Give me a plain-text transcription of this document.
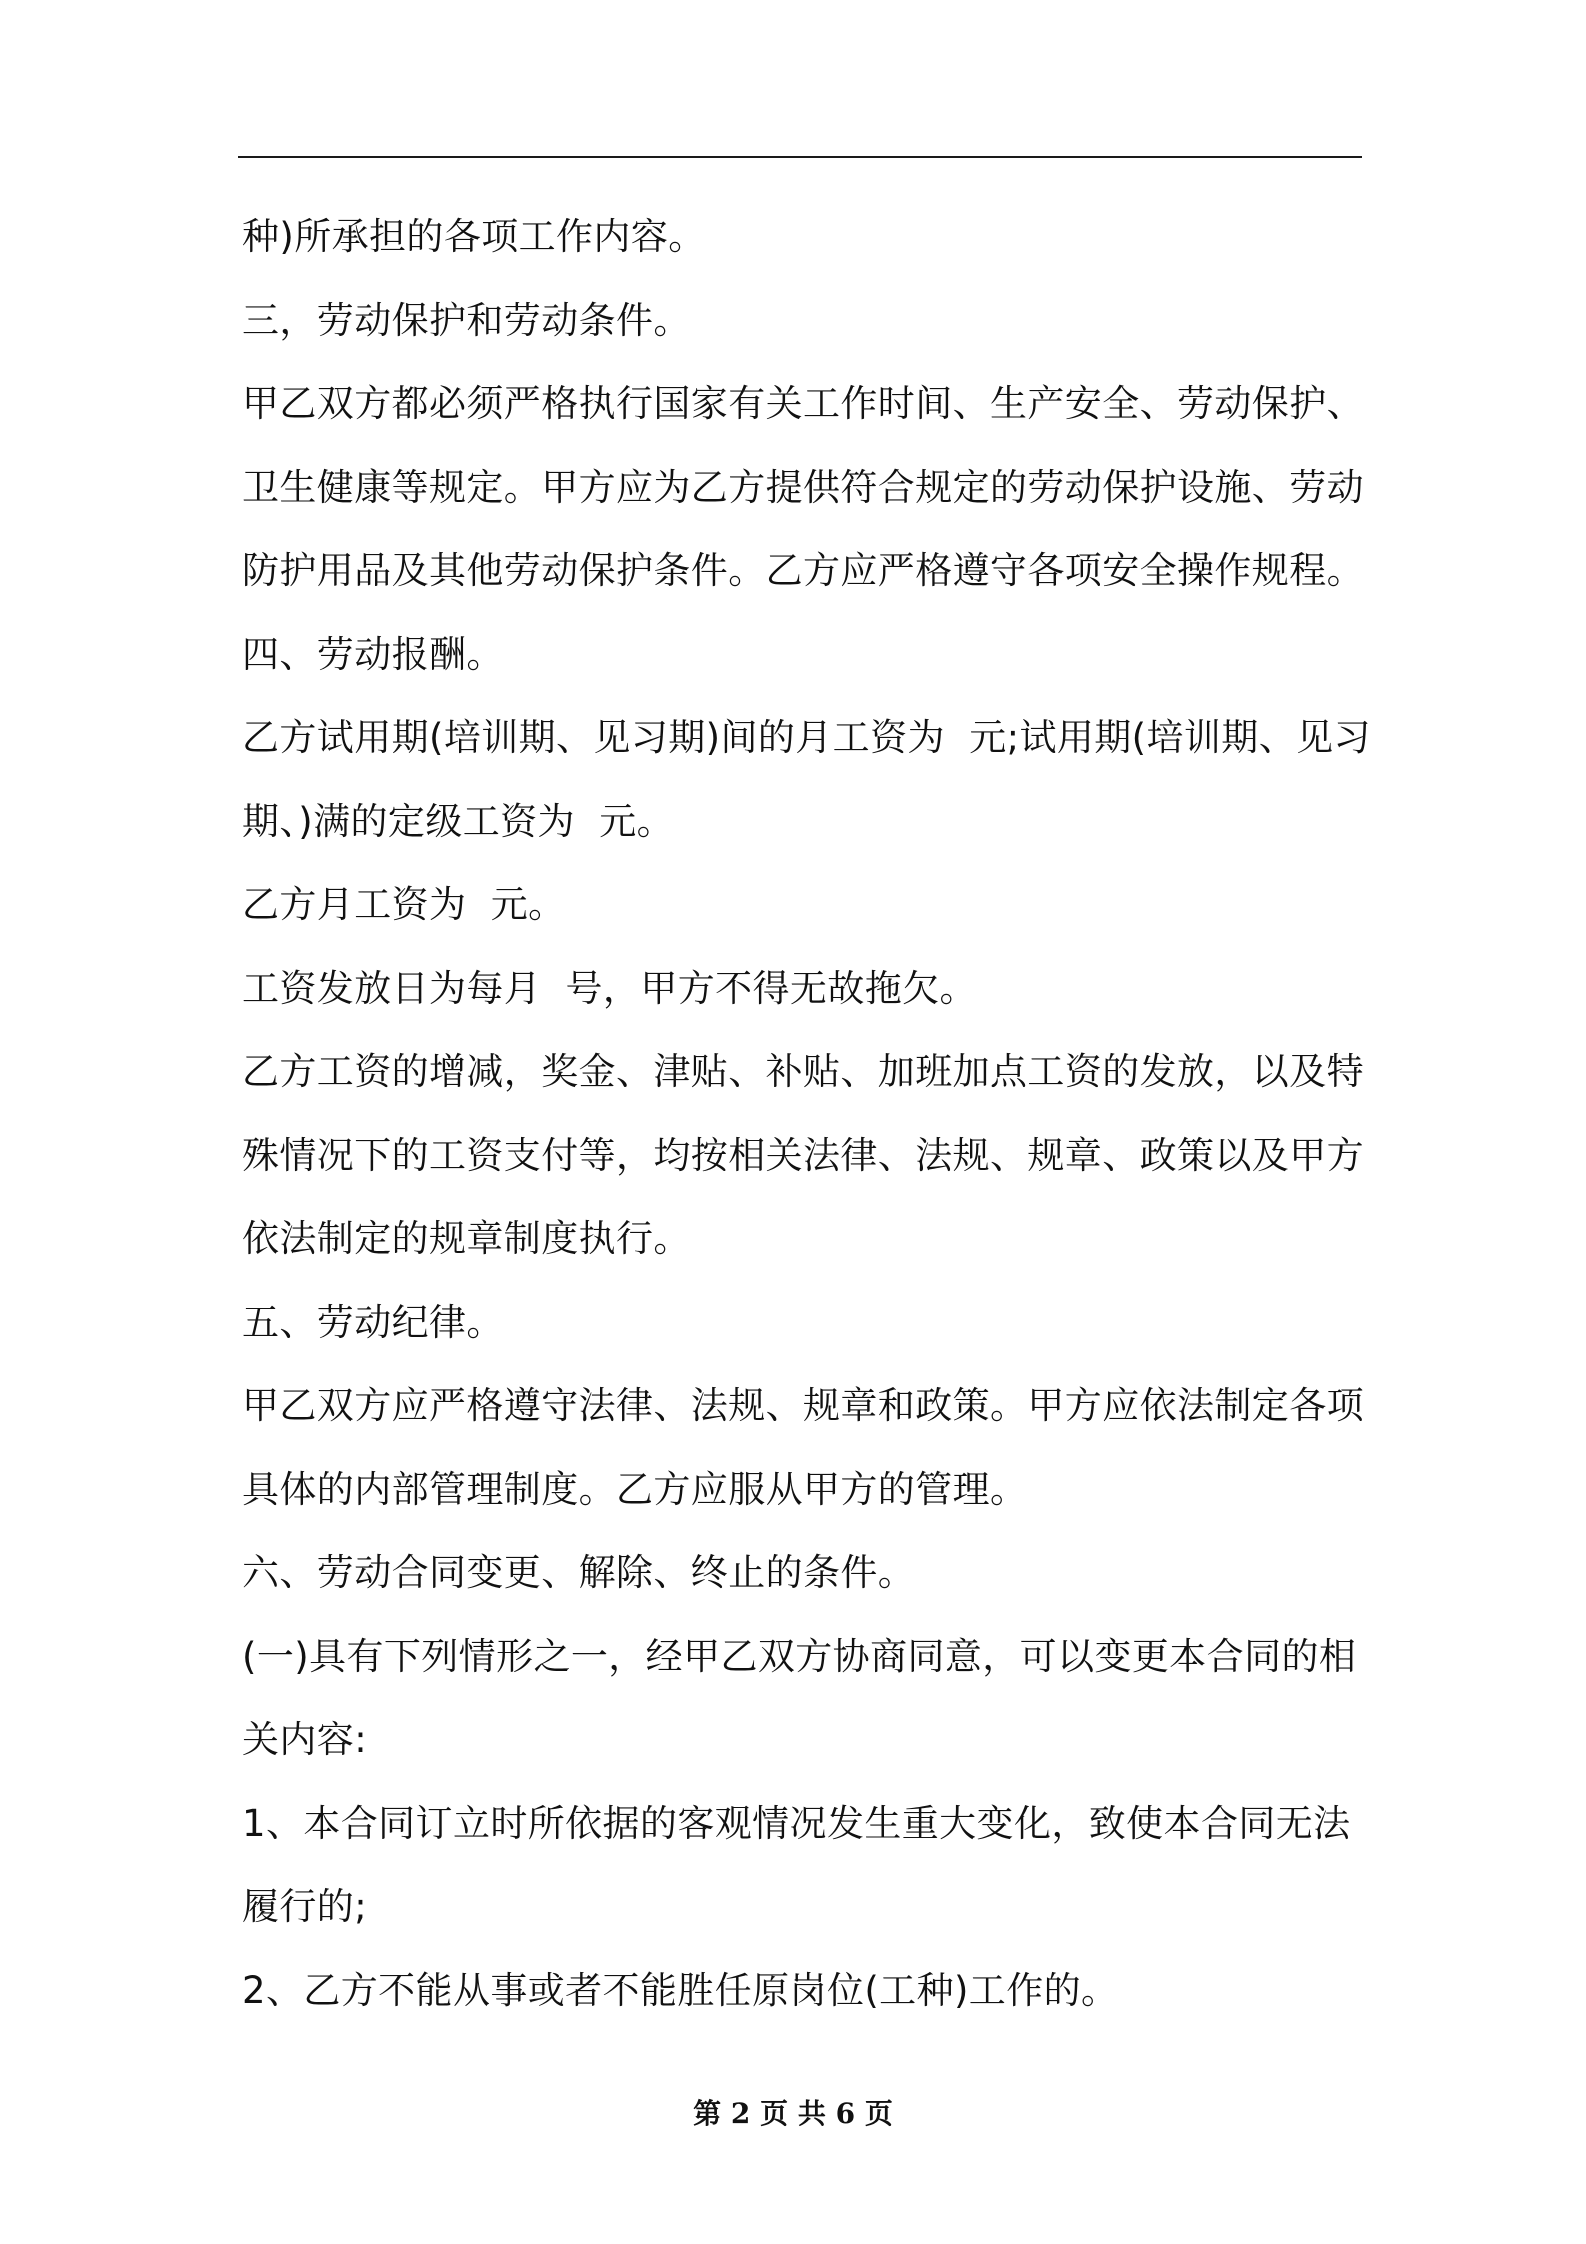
种)所承担的各项工作内容。
三，劳动保护和劳动条件。
甲乙双方都必须严格执行国家有关工作时间、生产安全、劳动保护、
卫生健康等规定。甲方应为乙方提供符合规定的劳动保护设施、劳动
防护用品及其他劳动保护条件。乙方应严格遵守各项安全操作规程。
四、劳动报酬。
乙方试用期(培训期、见习期)间的月工资为  元;试用期(培训期、见习
期、)满的定级工资为  元。
乙方月工资为  元。
工资发放日为每月  号，甲方不得无故拖欠。
乙方工资的增减，奖金、津贴、补贴、加班加点工资的发放，以及特
殊情况下的工资支付等，均按相关法律、法规、规章、政策以及甲方
依法制定的规章制度执行。
五、劳动纪律。
甲乙双方应严格遵守法律、法规、规章和政策。甲方应依法制定各项
具体的内部管理制度。乙方应服从甲方的管理。
六、劳动合同变更、解除、终止的条件。
(一)具有下列情形之一，经甲乙双方协商同意，可以变更本合同的相
关内容:
1、本合同订立时所依据的客观情况发生重大变化，致使本合同无法
履行的;
2、乙方不能从事或者不能胜任原岗位(工种)工作的。
第 2 页 共 6 页
